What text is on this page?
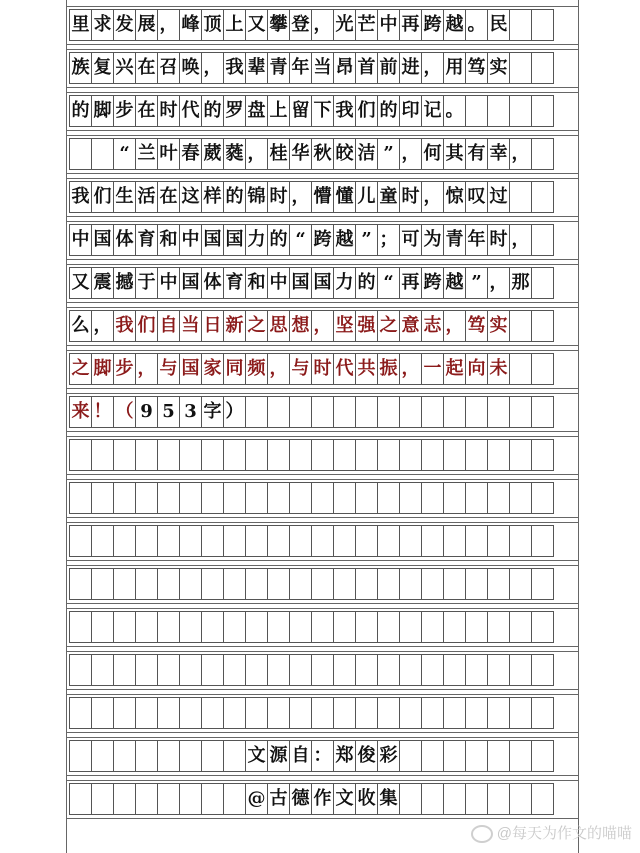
里 求 发 展 ， 峰 顶 上 又 攀 登 ， 光 芒 中 再 跨 越 。 民
族 复 兴 在 召 唤 ， 我 辈 青 年 当 昂 首 前 进 ， 用 笃 实
的 脚 步 在 时 代 的 罗 盘 上 留 下 我 们 的 印 记 。
“ 兰 叶 春 葳 蕤 ， 桂 华 秋 皎 洁 ” ， 何 其 有 幸 ，
我 们 生 活 在 这 样 的 锦 时 ， 懵 懂 儿 童 时 ， 惊 叹 过
中 国 体 育 和 中 国 国 力 的 “ 跨 越 ” ； 可 为 青 年 时 ，
又 震 撼 于 中 国 体 育 和 中 国 国 力 的 “ 再 跨 越 ” ， 那
么 ， 我 们 自 当 日 新 之 思 想 ， 坚 强 之 意 志 ， 笃 实
之 脚 步 ， 与 国 家 同 频 ， 与 时 代 共 振 ， 一 起 向 未
来 ！ （ 9 5 3 字 ）
文 源 自 ： 郑 俊 彩
@ 古 德 作 文 收 集
@每天为作文的喵喵
